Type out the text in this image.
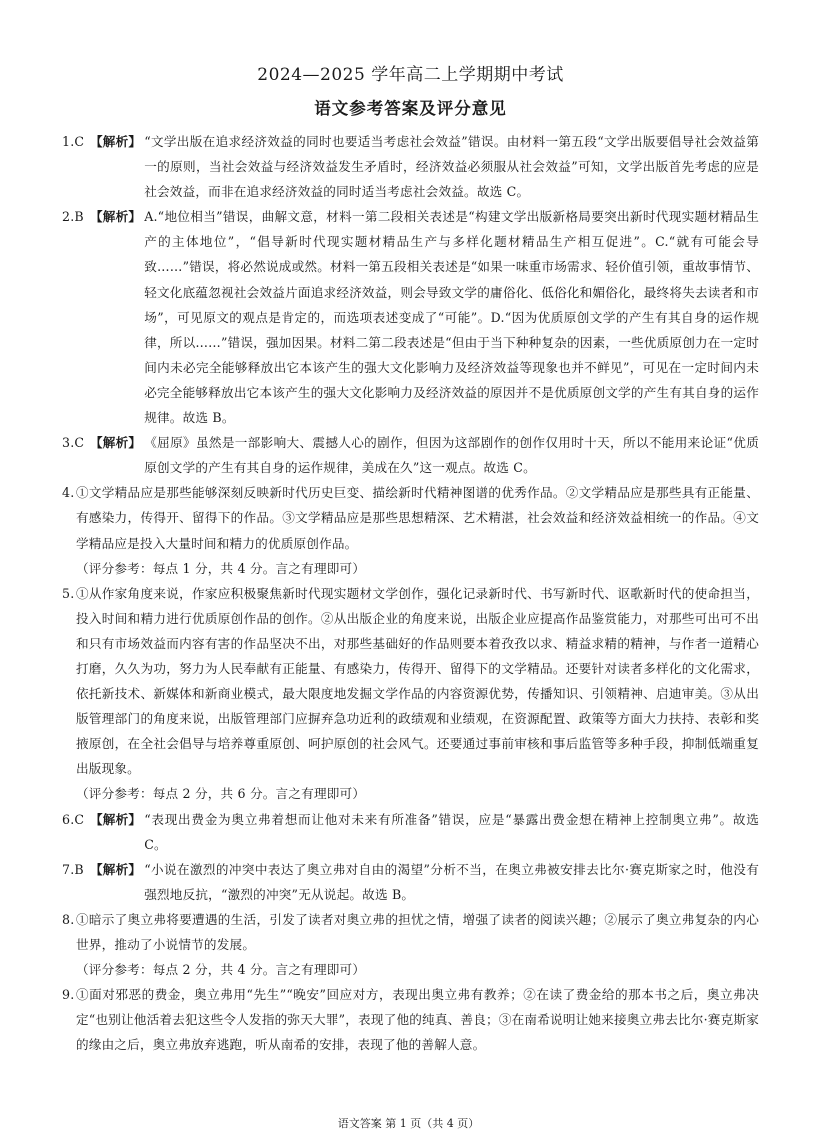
2024—2025 学年高二上学期期中考试
语文参考答案及评分意见
1.C 【解析】 “文学出版在追求经济效益的同时也要适当考虑社会效益”错误。由材料一第五段“文学出版要倡导社会效益第一的原则，当社会效益与经济效益发生矛盾时，经济效益必须服从社会效益”可知，文学出版首先考虑的应是社会效益，而非在追求经济效益的同时适当考虑社会效益。故选 C。
2.B 【解析】 A.“地位相当”错误，曲解文意，材料一第二段相关表述是“构建文学出版新格局要突出新时代现实题材精品生产的主体地位”，“倡导新时代现实题材精品生产与多样化题材精品生产相互促进”。C.“就有可能会导致……”错误，将必然说成或然。材料一第五段相关表述是“如果一味重市场需求、轻价值引领，重故事情节、轻文化底蕴忽视社会效益片面追求经济效益，则会导致文学的庸俗化、低俗化和媚俗化，最终将失去读者和市场”，可见原文的观点是肯定的，而选项表述变成了“可能”。D.“因为优质原创文学的产生有其自身的运作规律，所以……”错误，强加因果。材料二第二段表述是“但由于当下种种复杂的因素，一些优质原创力在一定时间内未必完全能够释放出它本该产生的强大文化影响力及经济效益等现象也并不鲜见”，可见在一定时间内未必完全能够释放出它本该产生的强大文化影响力及经济效益的原因并不是优质原创文学的产生有其自身的运作规律。故选 B。
3.C 【解析】 《屈原》虽然是一部影响大、震撼人心的剧作，但因为这部剧作的创作仅用时十天，所以不能用来论证“优质原创文学的产生有其自身的运作规律，美成在久”这一观点。故选 C。
4. ①文学精品应是那些能够深刻反映新时代历史巨变、描绘新时代精神图谱的优秀作品。②文学精品应是那些具有正能量、有感染力，传得开、留得下的作品。③文学精品应是那些思想精深、艺术精湛，社会效益和经济效益相统一的作品。④文学精品应是投入大量时间和精力的优质原创作品。
（评分参考：每点 1 分，共 4 分。言之有理即可）
5. ①从作家角度来说，作家应积极聚焦新时代现实题材文学创作，强化记录新时代、书写新时代、讴歌新时代的使命担当，投入时间和精力进行优质原创作品的创作。②从出版企业的角度来说，出版企业应提高作品鉴赏能力，对那些可出可不出和只有市场效益而内容有害的作品坚决不出，对那些基础好的作品则要本着孜孜以求、精益求精的精神，与作者一道精心打磨，久久为功，努力为人民奉献有正能量、有感染力，传得开、留得下的文学精品。还要针对读者多样化的文化需求，依托新技术、新媒体和新商业模式，最大限度地发掘文学作品的内容资源优势，传播知识、引领精神、启迪审美。③从出版管理部门的角度来说，出版管理部门应摒弃急功近利的政绩观和业绩观，在资源配置、政策等方面大力扶持、表彰和奖掖原创，在全社会倡导与培养尊重原创、呵护原创的社会风气。还要通过事前审核和事后监管等多种手段，抑制低端重复出版现象。
（评分参考：每点 2 分，共 6 分。言之有理即可）
6.C 【解析】 “表现出费金为奥立弗着想而让他对未来有所准备”错误，应是“暴露出费金想在精神上控制奥立弗”。故选 C。
7.B 【解析】 “小说在激烈的冲突中表达了奥立弗对自由的渴望”分析不当，在奥立弗被安排去比尔·赛克斯家之时，他没有强烈地反抗，“激烈的冲突”无从说起。故选 B。
8. ①暗示了奥立弗将要遭遇的生活，引发了读者对奥立弗的担忧之情，增强了读者的阅读兴趣；②展示了奥立弗复杂的内心世界，推动了小说情节的发展。
（评分参考：每点 2 分，共 4 分。言之有理即可）
9. ①面对邪恶的费金，奥立弗用“先生”“晚安”回应对方，表现出奥立弗有教养；②在读了费金给的那本书之后，奥立弗决定“也别让他活着去犯这些令人发指的弥天大罪”，表现了他的纯真、善良；③在南希说明让她来接奥立弗去比尔·赛克斯家的缘由之后，奥立弗放弃逃跑，听从南希的安排，表现了他的善解人意。
语文答案 第 1 页（共 4 页）
